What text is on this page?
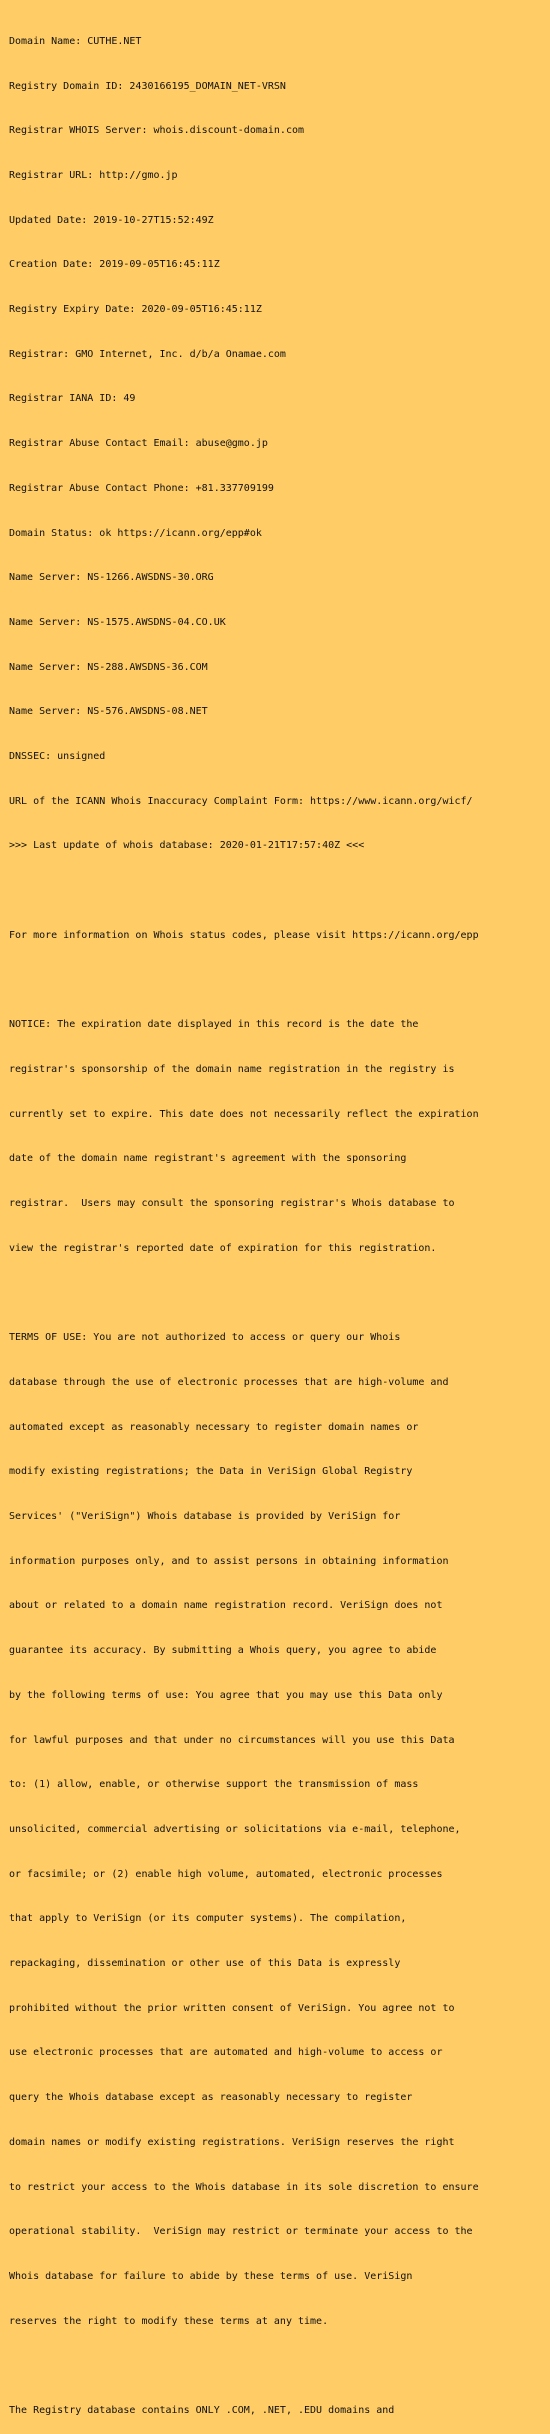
Domain Name: CUTHE.NET

Registry Domain ID: 2430166195_DOMAIN_NET-VRSN

Registrar WHOIS Server: whois.discount-domain.com

Registrar URL: http://gmo.jp

Updated Date: 2019-10-27T15:52:49Z

Creation Date: 2019-09-05T16:45:11Z

Registry Expiry Date: 2020-09-05T16:45:11Z

Registrar: GMO Internet, Inc. d/b/a Onamae.com

Registrar IANA ID: 49

Registrar Abuse Contact Email: abuse@gmo.jp

Registrar Abuse Contact Phone: +81.337709199

Domain Status: ok https://icann.org/epp#ok

Name Server: NS-1266.AWSDNS-30.ORG

Name Server: NS-1575.AWSDNS-04.CO.UK

Name Server: NS-288.AWSDNS-36.COM

Name Server: NS-576.AWSDNS-08.NET

DNSSEC: unsigned

URL of the ICANN Whois Inaccuracy Complaint Form: https://www.icann.org/wicf/

>>> Last update of whois database: 2020-01-21T17:57:40Z <<<

For more information on Whois status codes, please visit https://icann.org/epp

NOTICE: The expiration date displayed in this record is the date the

registrar's sponsorship of the domain name registration in the registry is

currently set to expire. This date does not necessarily reflect the expiration

date of the domain name registrant's agreement with the sponsoring

registrar.  Users may consult the sponsoring registrar's Whois database to

view the registrar's reported date of expiration for this registration.

TERMS OF USE: You are not authorized to access or query our Whois

database through the use of electronic processes that are high-volume and

automated except as reasonably necessary to register domain names or

modify existing registrations; the Data in VeriSign Global Registry

Services' ("VeriSign") Whois database is provided by VeriSign for

information purposes only, and to assist persons in obtaining information

about or related to a domain name registration record. VeriSign does not

guarantee its accuracy. By submitting a Whois query, you agree to abide

by the following terms of use: You agree that you may use this Data only

for lawful purposes and that under no circumstances will you use this Data

to: (1) allow, enable, or otherwise support the transmission of mass

unsolicited, commercial advertising or solicitations via e-mail, telephone,

or facsimile; or (2) enable high volume, automated, electronic processes

that apply to VeriSign (or its computer systems). The compilation,

repackaging, dissemination or other use of this Data is expressly

prohibited without the prior written consent of VeriSign. You agree not to

use electronic processes that are automated and high-volume to access or

query the Whois database except as reasonably necessary to register

domain names or modify existing registrations. VeriSign reserves the right

to restrict your access to the Whois database in its sole discretion to ensure

operational stability.  VeriSign may restrict or terminate your access to the

Whois database for failure to abide by these terms of use. VeriSign

reserves the right to modify these terms at any time.

The Registry database contains ONLY .COM, .NET, .EDU domains and
